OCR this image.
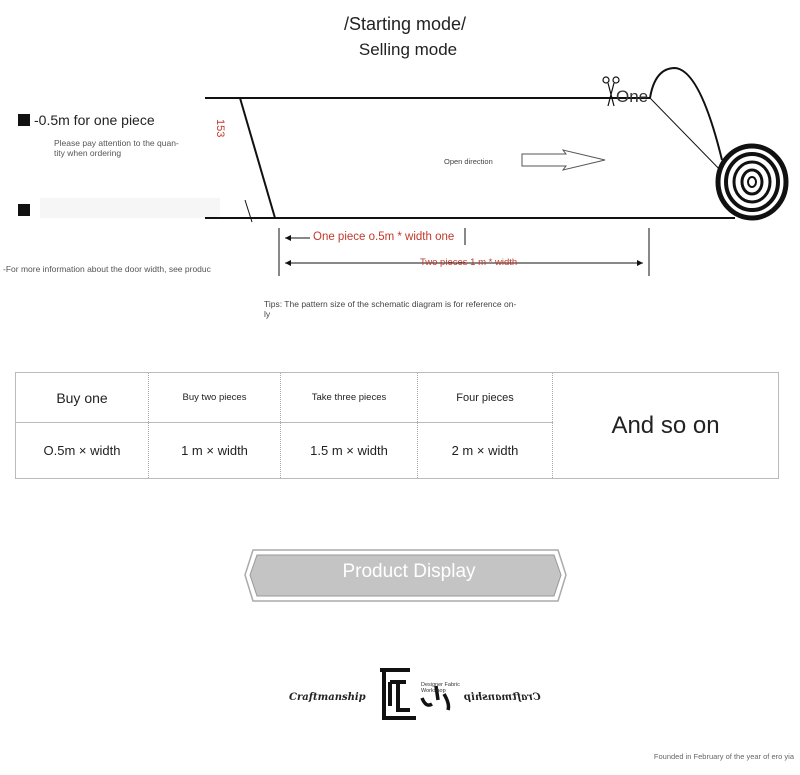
/Starting mode/
Selling mode
-0.5m for one piece
Please pay attention to the quan-
tity when ordering
-For more information about the door width, see produc
153
One
Open direction
One piece o.5m * width one
Two pieces 1 m * width
Tips: The pattern size of the schematic diagram is for reference on-
ly
Buy one	Buy two pieces	Take three pieces	Four pieces	And so on
O.5m × width	1 m × width	1.5 m × width	2 m × width	
Product Display
Craftmanship
Designer Fabric
Workshop
Craftmanship
Founded in February of the year of ero yia
